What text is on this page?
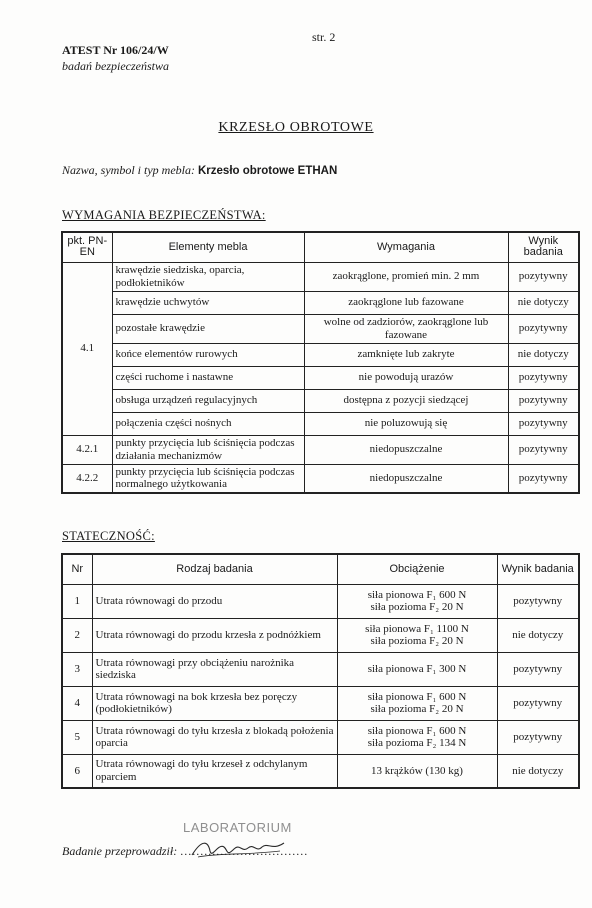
str. 2
ATEST Nr 106/24/W
badań bezpieczeństwa
KRZESŁO OBROTOWE
Nazwa, symbol i typ mebla: Krzesło obrotowe ETHAN
WYMAGANIA BEZPIECZEŃSTWA:
pkt. PN-EN	Elementy mebla	Wymagania	Wynik badania
4.1	krawędzie siedziska, oparcia, podłokietników	zaokrąglone, promień min. 2 mm	pozytywny
	krawędzie uchwytów	zaokrąglone lub fazowane	nie dotyczy
	pozostałe krawędzie	wolne od zadziorów, zaokrąglone lub fazowane	pozytywny
	końce elementów rurowych	zamknięte lub zakryte	nie dotyczy
	części ruchome i nastawne	nie powodują urazów	pozytywny
	obsługa urządzeń regulacyjnych	dostępna z pozycji siedzącej	pozytywny
	połączenia części nośnych	nie poluzowują się	pozytywny
4.2.1	punkty przycięcia lub ściśnięcia podczas działania mechanizmów	niedopuszczalne	pozytywny
4.2.2	punkty przycięcia lub ściśnięcia podczas normalnego użytkowania	niedopuszczalne	pozytywny
STATECZNOŚĆ:
Nr	Rodzaj badania	Obciążenie	Wynik badania
1	Utrata równowagi do przodu	siła pionowa F₁ 600 N
siła pozioma F₂ 20 N	pozytywny
2	Utrata równowagi do przodu krzesła z podnóżkiem	siła pionowa F₁ 1100 N
siła pozioma F₂ 20 N	nie dotyczy
3	Utrata równowagi przy obciążeniu narożnika siedziska	siła pionowa F₁ 300 N	pozytywny
4	Utrata równowagi na bok krzesła bez poręczy (podłokietników)	siła pionowa F₁ 600 N
siła pozioma F₂ 20 N	pozytywny
5	Utrata równowagi do tyłu krzesła z blokadą położenia oparcia	siła pionowa F₁ 600 N
siła pozioma F₂ 134 N	pozytywny
6	Utrata równowagi do tyłu krzeseł z odchylanym oparciem	13 krążków (130 kg)	nie dotyczy
LABORATORIUM
Badanie przeprowadził: ................................
